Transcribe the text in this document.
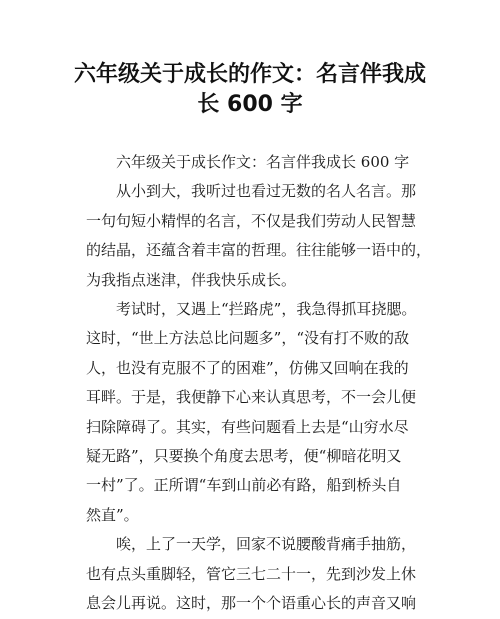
六年级关于成长的作文：名言伴我成
长 600 字
六年级关于成长作文：名言伴我成长 600 字

从小到大，我听过也看过无数的名人名言。那
一句句短小精悍的名言，不仅是我们劳动人民智慧
的结晶，还蕴含着丰富的哲理。往往能够一语中的，
为我指点迷津，伴我快乐成长。

考试时，又遇上“拦路虎”，我急得抓耳挠腮。
这时，“世上方法总比问题多”，“没有打不败的敌
人，也没有克服不了的困难”，仿佛又回响在我的
耳畔。于是，我便静下心来认真思考，不一会儿便
扫除障碍了。其实，有些问题看上去是“山穷水尽
疑无路”，只要换个角度去思考，便“柳暗花明又
一村”了。正所谓“车到山前必有路，船到桥头自
然直”。

唉，上了一天学，回家不说腰酸背痛手抽筋，
也有点头重脚轻，管它三七二十一，先到沙发上休
息会儿再说。这时，那一个个语重心长的声音又响
